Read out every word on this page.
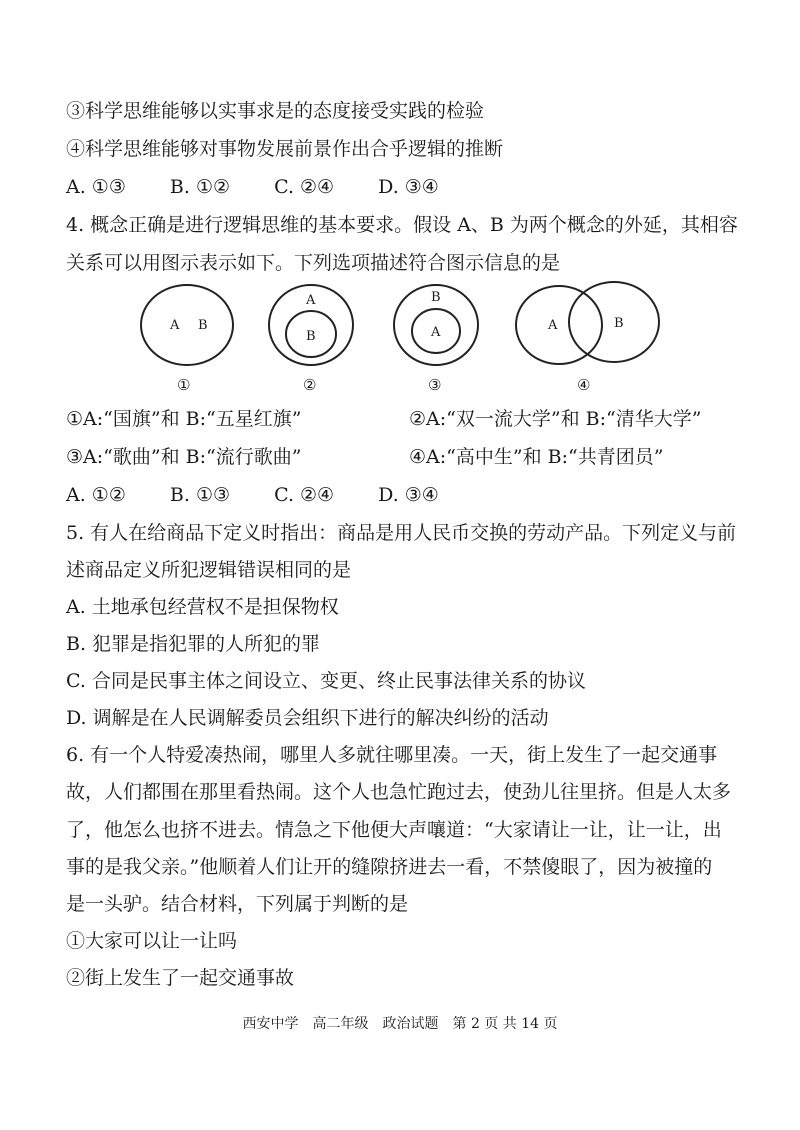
③科学思维能够以实事求是的态度接受实践的检验
④科学思维能够对事物发展前景作出合乎逻辑的推断
A. ①③ B. ①② C. ②④ D. ③④
4. 概念正确是进行逻辑思维的基本要求。假设 A、B 为两个概念的外延，其相容
关系可以用图示表示如下。下列选项描述符合图示信息的是
A B
①
A
B
②
B
A
③
A	B
④
①A:“国旗”和 B:“五星红旗”	②A:“双一流大学”和 B:“清华大学”
③A:“歌曲”和 B:“流行歌曲”	④A:“高中生”和 B:“共青团员”
A. ①② B. ①③ C. ②④ D. ③④
5. 有人在给商品下定义时指出：商品是用人民币交换的劳动产品。下列定义与前
述商品定义所犯逻辑错误相同的是
A. 土地承包经营权不是担保物权
B. 犯罪是指犯罪的人所犯的罪
C. 合同是民事主体之间设立、变更、终止民事法律关系的协议
D. 调解是在人民调解委员会组织下进行的解决纠纷的活动
6. 有一个人特爱凑热闹，哪里人多就往哪里凑。一天，街上发生了一起交通事
故，人们都围在那里看热闹。这个人也急忙跑过去，使劲儿往里挤。但是人太多
了，他怎么也挤不进去。情急之下他便大声嚷道：“大家请让一让，让一让，出
事的是我父亲。”他顺着人们让开的缝隙挤进去一看，不禁傻眼了，因为被撞的
是一头驴。结合材料，下列属于判断的是
①大家可以让一让吗
②街上发生了一起交通事故
西安中学　高二年级　政治试题　第 2 页 共 14 页
